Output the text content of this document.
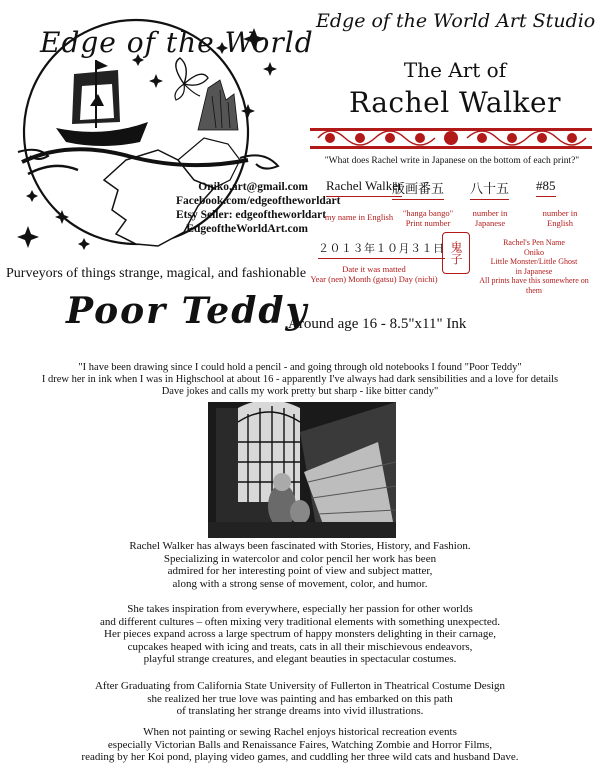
Edge of the World
Oniko.art@gmail.com
Facebook.com/edgeoftheworldart
Etsy Seller: edgeoftheworldart
EdgeoftheWorldArt.com
Purveyors of things strange, magical, and fashionable
Edge of the World Art Studio
The Art of
Rachel Walker
"What does Rachel write in Japanese on the bottom of each print?"
Rachel Walker
版画番五 八十五 #85
my name in English	"hanga bango"
Print number
number in
Japanese
number in
English
２０１３年１０月３１日
Date it was matted
Year (nen) Month (gatsu) Day (nichi)
鬼子	Rachel's Pen Name
Oniko
Little Monster/Little Ghost
in Japanese
All prints have this somewhere on them
Poor Teddy
Around age 16 - 8.5"x11" Ink
"I have been drawing since I could hold a pencil - and going through old notebooks I found "Poor Teddy"
I drew her in ink when I was in Highschool at about 16 - apparently I've always had dark sensibilities and a love for details
Dave jokes and calls my work pretty but sharp - like bitter candy"
Rachel Walker has always been fascinated with Stories, History, and Fashion.
Specializing in watercolor and color pencil her work has been
admired for her interesting point of view and subject matter,
along with a strong sense of movement, color, and humor.
She takes inspiration from everywhere, especially her passion for other worlds
and different cultures – often mixing very traditional elements with something unexpected.
Her pieces expand across a large spectrum of happy monsters delighting in their carnage,
cupcakes heaped with icing and treats, cats in all their mischievous endeavors,
playful strange creatures, and elegant beauties in spectacular costumes.
After Graduating from California State University of Fullerton in Theatrical Costume Design
she realized her true love was painting and has embarked on this path
of translating her strange dreams into vivid illustrations.
When not painting or sewing Rachel enjoys historical recreation events
especially Victorian Balls and Renaissance Faires, Watching Zombie and Horror Films,
reading by her Koi pond, playing video games, and cuddling her three wild cats and husband Dave.
